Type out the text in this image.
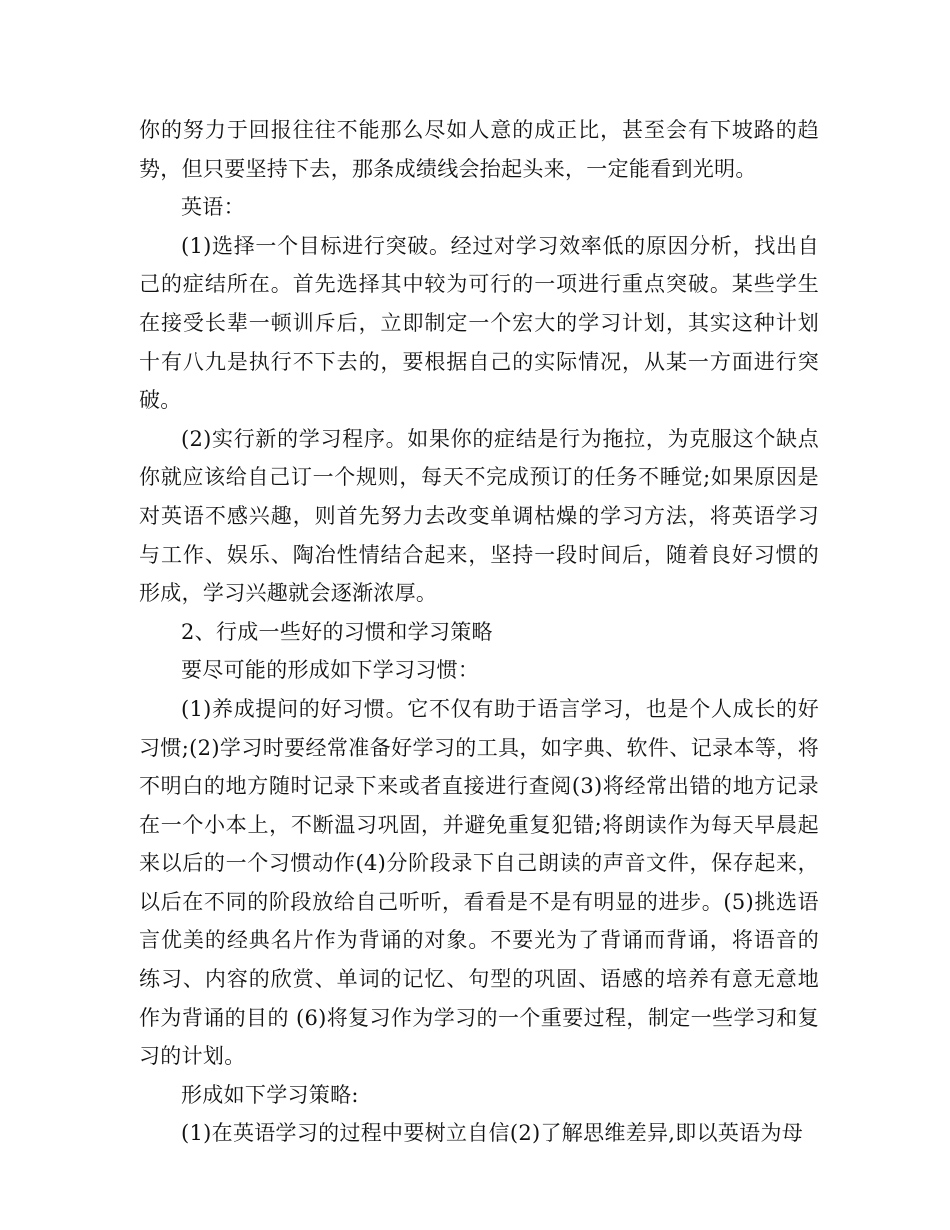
你的努力于回报往往不能那么尽如人意的成正比，甚至会有下坡路的趋势，但只要坚持下去，那条成绩线会抬起头来，一定能看到光明。

英语：

(1)选择一个目标进行突破。经过对学习效率低的原因分析，找出自己的症结所在。首先选择其中较为可行的一项进行重点突破。某些学生在接受长辈一顿训斥后，立即制定一个宏大的学习计划，其实这种计划十有八九是执行不下去的，要根据自己的实际情况，从某一方面进行突破。

(2)实行新的学习程序。如果你的症结是行为拖拉，为克服这个缺点你就应该给自己订一个规则，每天不完成预订的任务不睡觉;如果原因是对英语不感兴趣，则首先努力去改变单调枯燥的学习方法，将英语学习与工作、娱乐、陶冶性情结合起来，坚持一段时间后，随着良好习惯的形成，学习兴趣就会逐渐浓厚。

2、行成一些好的习惯和学习策略

要尽可能的形成如下学习习惯：

(1)养成提问的好习惯。它不仅有助于语言学习，也是个人成长的好习惯;(2)学习时要经常准备好学习的工具，如字典、软件、记录本等，将不明白的地方随时记录下来或者直接进行查阅(3)将经常出错的地方记录在一个小本上，不断温习巩固，并避免重复犯错;将朗读作为每天早晨起来以后的一个习惯动作(4)分阶段录下自己朗读的声音文件，保存起来，以后在不同的阶段放给自己听听，看看是不是有明显的进步。(5)挑选语言优美的经典名片作为背诵的对象。不要光为了背诵而背诵，将语音的练习、内容的欣赏、单词的记忆、句型的巩固、语感的培养有意无意地作为背诵的目的 (6)将复习作为学习的一个重要过程，制定一些学习和复习的计划。

形成如下学习策略:

(1)在英语学习的过程中要树立自信(2)了解思维差异,即以英语为母
